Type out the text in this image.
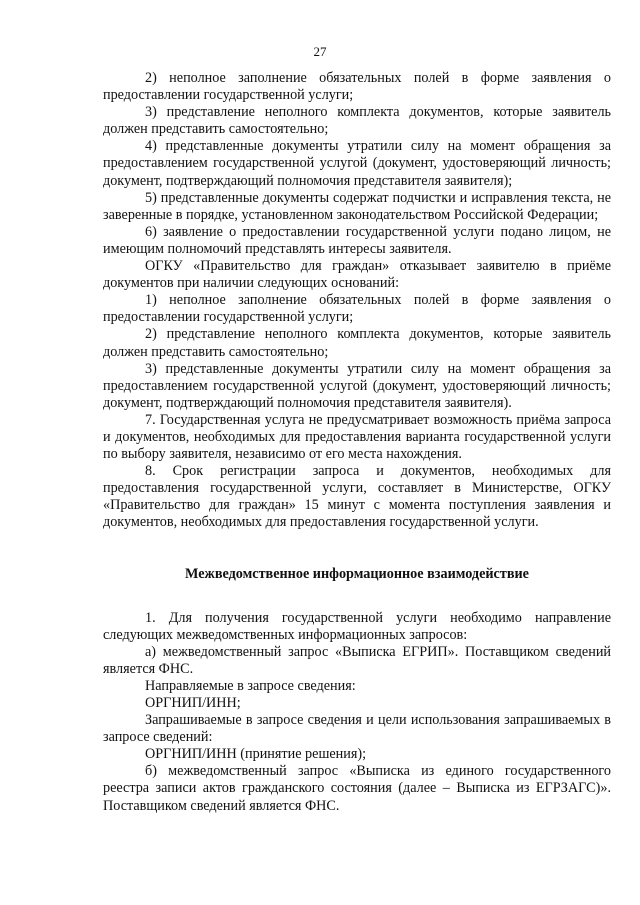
27

2) неполное заполнение обязательных полей в форме заявления о предоставлении государственной услуги;

3) представление неполного комплекта документов, которые заявитель должен представить самостоятельно;

4) представленные документы утратили силу на момент обращения за предоставлением государственной услугой (документ, удостоверяющий личность; документ, подтверждающий полномочия представителя заявителя);

5) представленные документы содержат подчистки и исправления текста, не заверенные в порядке, установленном законодательством Российской Федерации;

6) заявление о предоставлении государственной услуги подано лицом, не имеющим полномочий представлять интересы заявителя.

ОГКУ «Правительство для граждан» отказывает заявителю в приёме документов при наличии следующих оснований:

1) неполное заполнение обязательных полей в форме заявления о предоставлении государственной услуги;

2) представление неполного комплекта документов, которые заявитель должен представить самостоятельно;

3) представленные документы утратили силу на момент обращения за предоставлением государственной услугой (документ, удостоверяющий личность; документ, подтверждающий полномочия представителя заявителя).

7. Государственная услуга не предусматривает возможность приёма запроса и документов, необходимых для предоставления варианта государственной услуги по выбору заявителя, независимо от его места нахождения.

8. Срок регистрации запроса и документов, необходимых для предоставления государственной услуги, составляет в Министерстве, ОГКУ «Правительство для граждан» 15 минут с момента поступления заявления и документов, необходимых для предоставления государственной услуги.

Межведомственное информационное взаимодействие

1. Для получения государственной услуги необходимо направление следующих межведомственных информационных запросов:

а) межведомственный запрос «Выписка ЕГРИП». Поставщиком сведений является ФНС.

Направляемые в запросе сведения:

ОРГНИП/ИНН;

Запрашиваемые в запросе сведения и цели использования запрашиваемых в запросе сведений:

ОРГНИП/ИНН (принятие решения);

б) межведомственный запрос «Выписка из единого государственного реестра записи актов гражданского состояния (далее – Выписка из ЕГРЗАГС)». Поставщиком сведений является ФНС.
